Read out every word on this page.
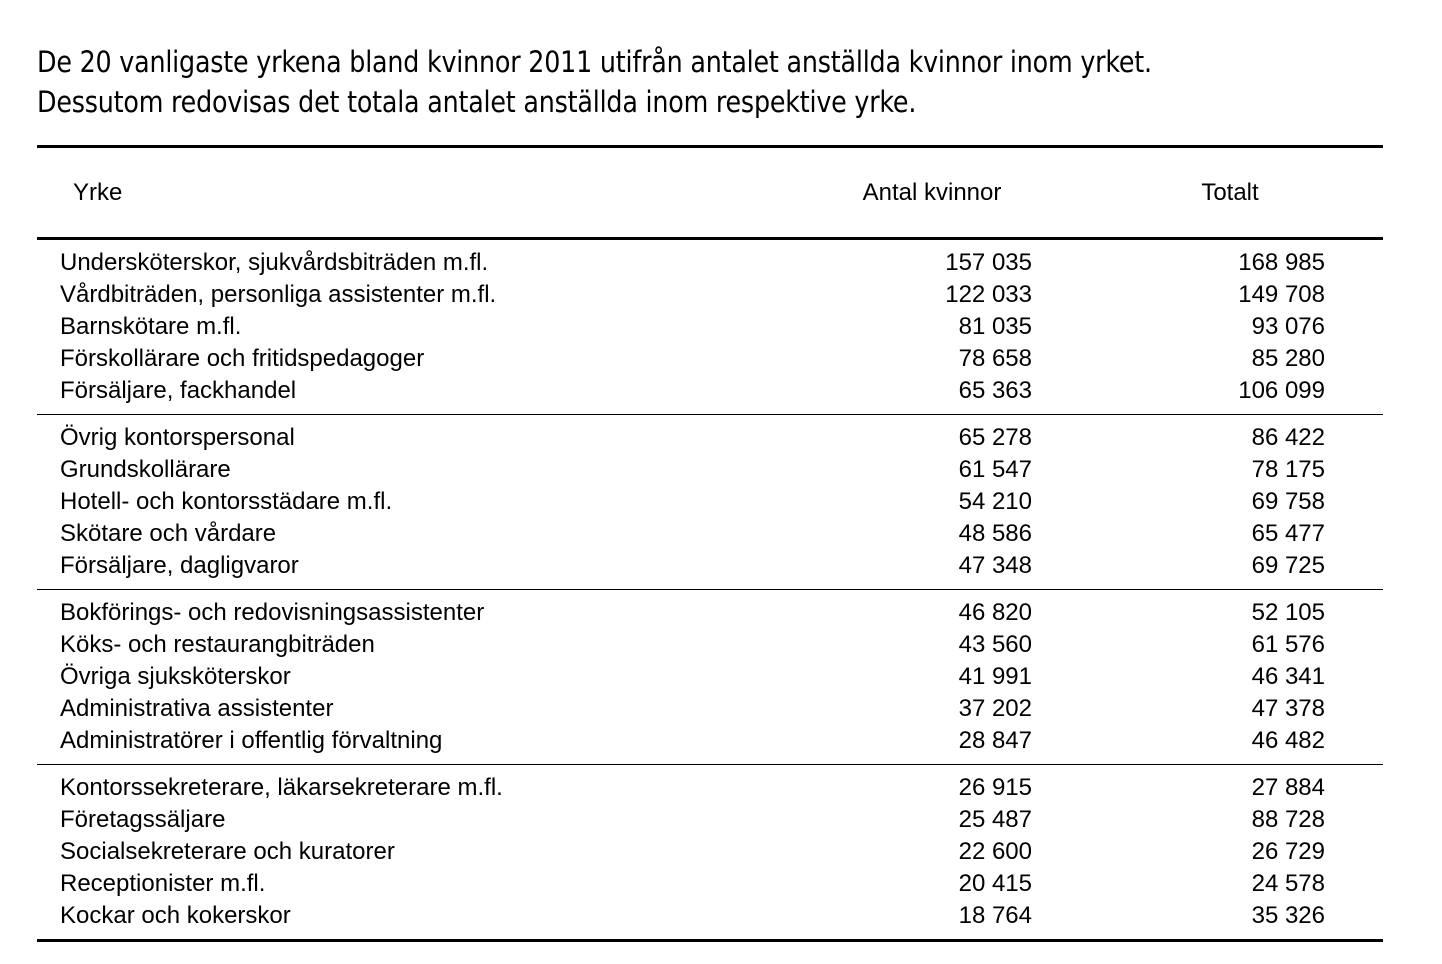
De 20 vanligaste yrkena bland kvinnor 2011 utifrån antalet anställda kvinnor inom yrket.
Dessutom redovisas det totala antalet anställda inom respektive yrke.
Yrke	Antal kvinnor	Totalt
Undersköterskor, sjukvårdsbiträden m.fl.	157 035	168 985
Vårdbiträden, personliga assistenter m.fl.	122 033	149 708
Barnskötare m.fl.	81 035	93 076
Förskollärare och fritidspedagoger	78 658	85 280
Försäljare, fackhandel	65 363	106 099
Övrig kontorspersonal	65 278	86 422
Grundskollärare	61 547	78 175
Hotell- och kontorsstädare m.fl.	54 210	69 758
Skötare och vårdare	48 586	65 477
Försäljare, dagligvaror	47 348	69 725
Bokförings- och redovisningsassistenter	46 820	52 105
Köks- och restaurangbiträden	43 560	61 576
Övriga sjuksköterskor	41 991	46 341
Administrativa assistenter	37 202	47 378
Administratörer i offentlig förvaltning	28 847	46 482
Kontorssekreterare, läkarsekreterare m.fl.	26 915	27 884
Företagssäljare	25 487	88 728
Socialsekreterare och kuratorer	22 600	26 729
Receptionister m.fl.	20 415	24 578
Kockar och kokerskor	18 764	35 326
